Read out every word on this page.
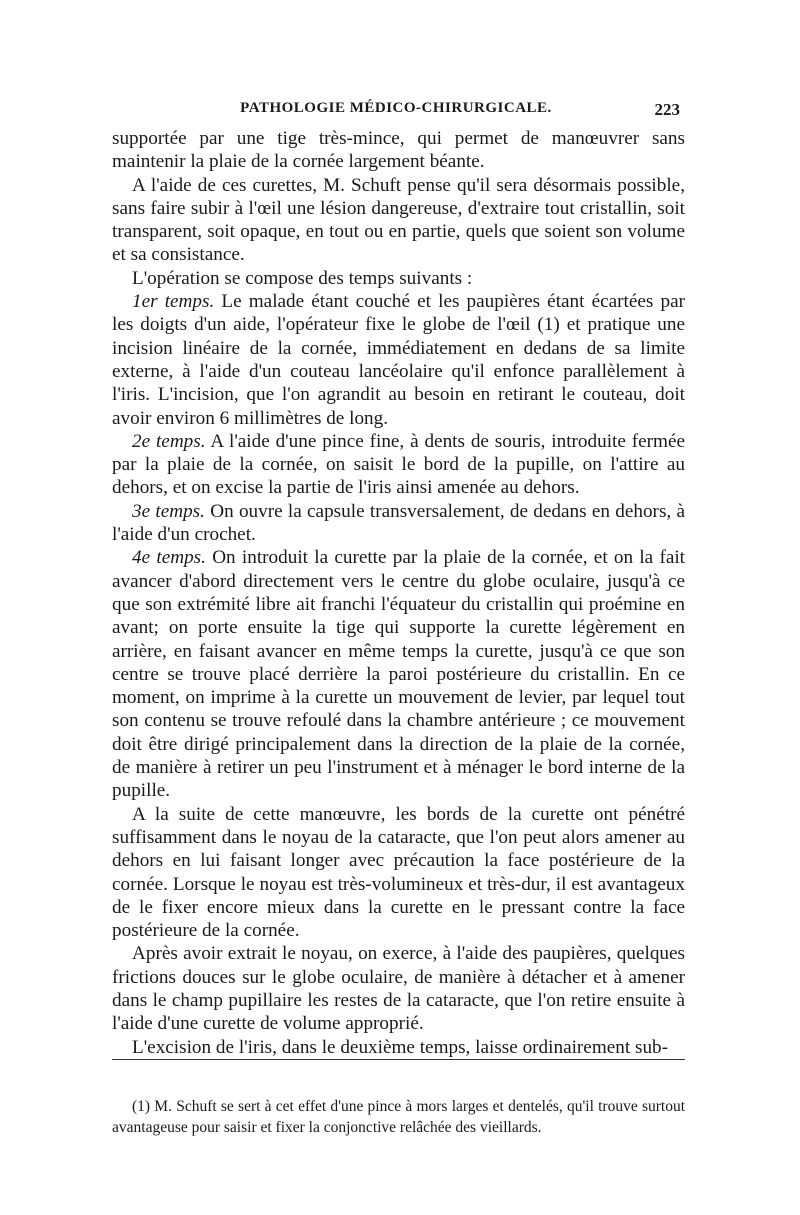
PATHOLOGIE MÉDICO-CHIRURGICALE.	223

supportée par une tige très-mince, qui permet de manœuvrer sans maintenir la plaie de la cornée largement béante.

A l'aide de ces curettes, M. Schuft pense qu'il sera désormais possible, sans faire subir à l'œil une lésion dangereuse, d'extraire tout cristallin, soit transparent, soit opaque, en tout ou en partie, quels que soient son volume et sa consistance.

L'opération se compose des temps suivants :

1er temps. Le malade étant couché et les paupières étant écartées par les doigts d'un aide, l'opérateur fixe le globe de l'œil (1) et pratique une incision linéaire de la cornée, immédiatement en dedans de sa limite externe, à l'aide d'un couteau lancéolaire qu'il enfonce parallèlement à l'iris. L'incision, que l'on agrandit au besoin en retirant le couteau, doit avoir environ 6 millimètres de long.

2e temps. A l'aide d'une pince fine, à dents de souris, introduite fermée par la plaie de la cornée, on saisit le bord de la pupille, on l'attire au dehors, et on excise la partie de l'iris ainsi amenée au dehors.

3e temps. On ouvre la capsule transversalement, de dedans en dehors, à l'aide d'un crochet.

4e temps. On introduit la curette par la plaie de la cornée, et on la fait avancer d'abord directement vers le centre du globe oculaire, jusqu'à ce que son extrémité libre ait franchi l'équateur du cristallin qui proémine en avant; on porte ensuite la tige qui supporte la curette légèrement en arrière, en faisant avancer en même temps la curette, jusqu'à ce que son centre se trouve placé derrière la paroi postérieure du cristallin. En ce moment, on imprime à la curette un mouvement de levier, par lequel tout son contenu se trouve refoulé dans la chambre antérieure ; ce mouvement doit être dirigé principalement dans la direction de la plaie de la cornée, de manière à retirer un peu l'instrument et à ménager le bord interne de la pupille.

A la suite de cette manœuvre, les bords de la curette ont pénétré suffisamment dans le noyau de la cataracte, que l'on peut alors amener au dehors en lui faisant longer avec précaution la face postérieure de la cornée. Lorsque le noyau est très-volumineux et très-dur, il est avantageux de le fixer encore mieux dans la curette en le pressant contre la face postérieure de la cornée.

Après avoir extrait le noyau, on exerce, à l'aide des paupières, quelques frictions douces sur le globe oculaire, de manière à détacher et à amener dans le champ pupillaire les restes de la cataracte, que l'on retire ensuite à l'aide d'une curette de volume approprié.

L'excision de l'iris, dans le deuxième temps, laisse ordinairement sub-

(1) M. Schuft se sert à cet effet d'une pince à mors larges et dentelés, qu'il trouve surtout avantageuse pour saisir et fixer la conjonctive relâchée des vieillards.
